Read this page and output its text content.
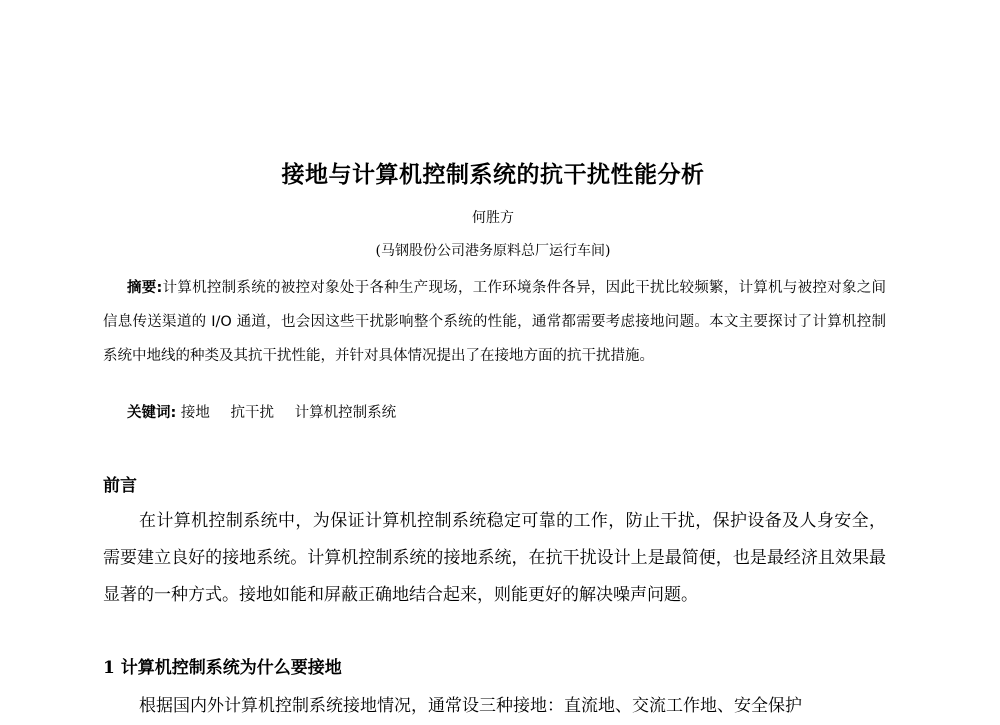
接地与计算机控制系统的抗干扰性能分析
何胜方
(马钢股份公司港务原料总厂运行车间)
摘要:计算机控制系统的被控对象处于各种生产现场，工作环境条件各异，因此干扰比较频繁，计算机与被控对象之间信息传送渠道的 I/O 通道，也会因这些干扰影响整个系统的性能，通常都需要考虑接地问题。本文主要探讨了计算机控制系统中地线的种类及其抗干扰性能，并针对具体情况提出了在接地方面的抗干扰措施。
关键词: 接地 抗干扰 计算机控制系统
前言
在计算机控制系统中，为保证计算机控制系统稳定可靠的工作，防止干扰，保护设备及人身安全，需要建立良好的接地系统。计算机控制系统的接地系统，在抗干扰设计上是最简便，也是最经济且效果最显著的一种方式。接地如能和屏蔽正确地结合起来，则能更好的解决噪声问题。
1 计算机控制系统为什么要接地
根据国内外计算机控制系统接地情况，通常设三种接地：直流地、交流工作地、安全保护
